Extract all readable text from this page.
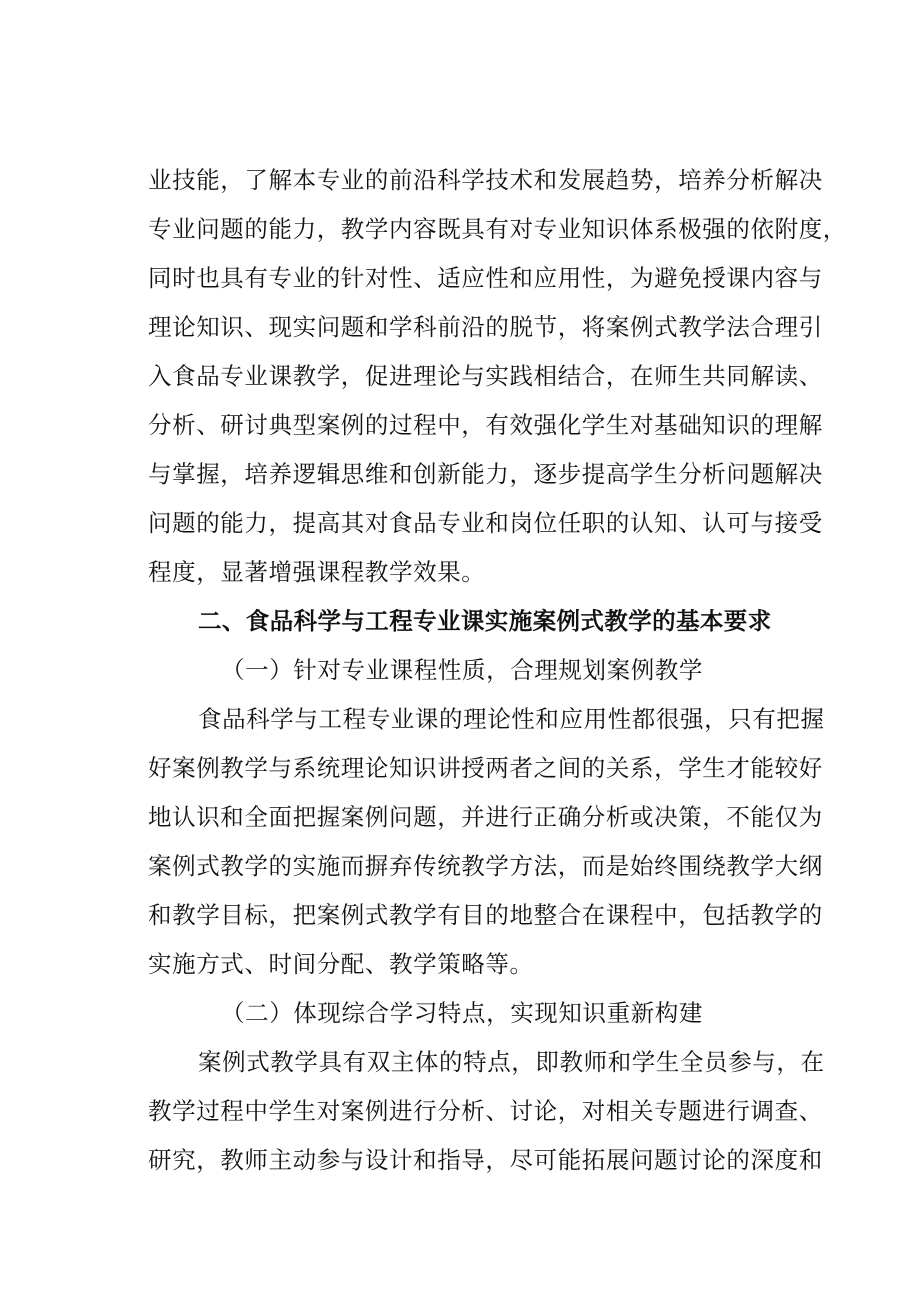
业技能，了解本专业的前沿科学技术和发展趋势，培养分析解决
专业问题的能力，教学内容既具有对专业知识体系极强的依附度，
同时也具有专业的针对性、适应性和应用性，为避免授课内容与
理论知识、现实问题和学科前沿的脱节，将案例式教学法合理引
入食品专业课教学，促进理论与实践相结合，在师生共同解读、
分析、研讨典型案例的过程中，有效强化学生对基础知识的理解
与掌握，培养逻辑思维和创新能力，逐步提高学生分析问题解决
问题的能力，提高其对食品专业和岗位任职的认知、认可与接受
程度，显著增强课程教学效果。
二、食品科学与工程专业课实施案例式教学的基本要求
（一）针对专业课程性质，合理规划案例教学
食品科学与工程专业课的理论性和应用性都很强，只有把握
好案例教学与系统理论知识讲授两者之间的关系，学生才能较好
地认识和全面把握案例问题，并进行正确分析或决策，不能仅为
案例式教学的实施而摒弃传统教学方法，而是始终围绕教学大纲
和教学目标，把案例式教学有目的地整合在课程中，包括教学的
实施方式、时间分配、教学策略等。
（二）体现综合学习特点，实现知识重新构建
案例式教学具有双主体的特点，即教师和学生全员参与，在
教学过程中学生对案例进行分析、讨论，对相关专题进行调查、
研究，教师主动参与设计和指导，尽可能拓展问题讨论的深度和
